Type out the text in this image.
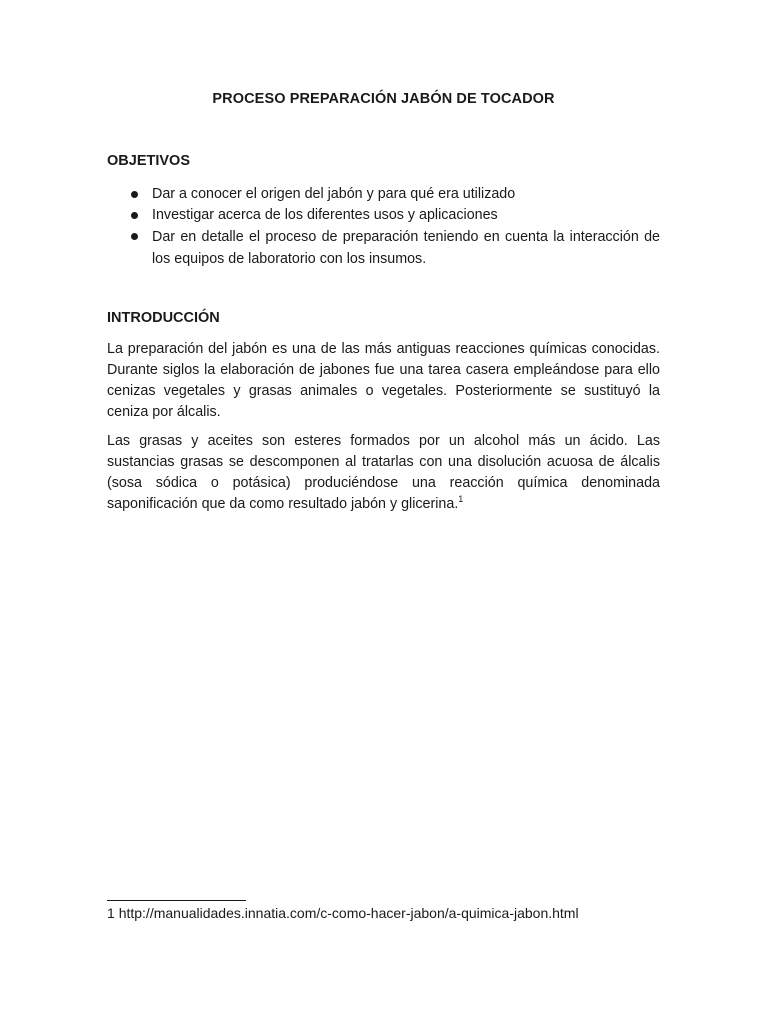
PROCESO PREPARACIÓN JABÓN DE TOCADOR
OBJETIVOS
Dar a conocer el origen del jabón y para qué era utilizado
Investigar acerca de los diferentes usos y aplicaciones
Dar en detalle el proceso de preparación teniendo en cuenta la interacción de los equipos de laboratorio con los insumos.
INTRODUCCIÓN

La preparación del jabón es una de las más antiguas reacciones químicas conocidas. Durante siglos la elaboración de jabones fue una tarea casera empleándose para ello cenizas vegetales y grasas animales o vegetales. Posteriormente se sustituyó la ceniza por álcalis.

Las grasas y aceites son esteres formados por un alcohol más un ácido. Las sustancias grasas se descomponen al tratarlas con una disolución acuosa de álcalis (sosa sódica o potásica) produciéndose una reacción química denominada saponificación que da como resultado jabón y glicerina.$^1$

1 http://manualidades.innatia.com/c-como-hacer-jabon/a-quimica-jabon.html
